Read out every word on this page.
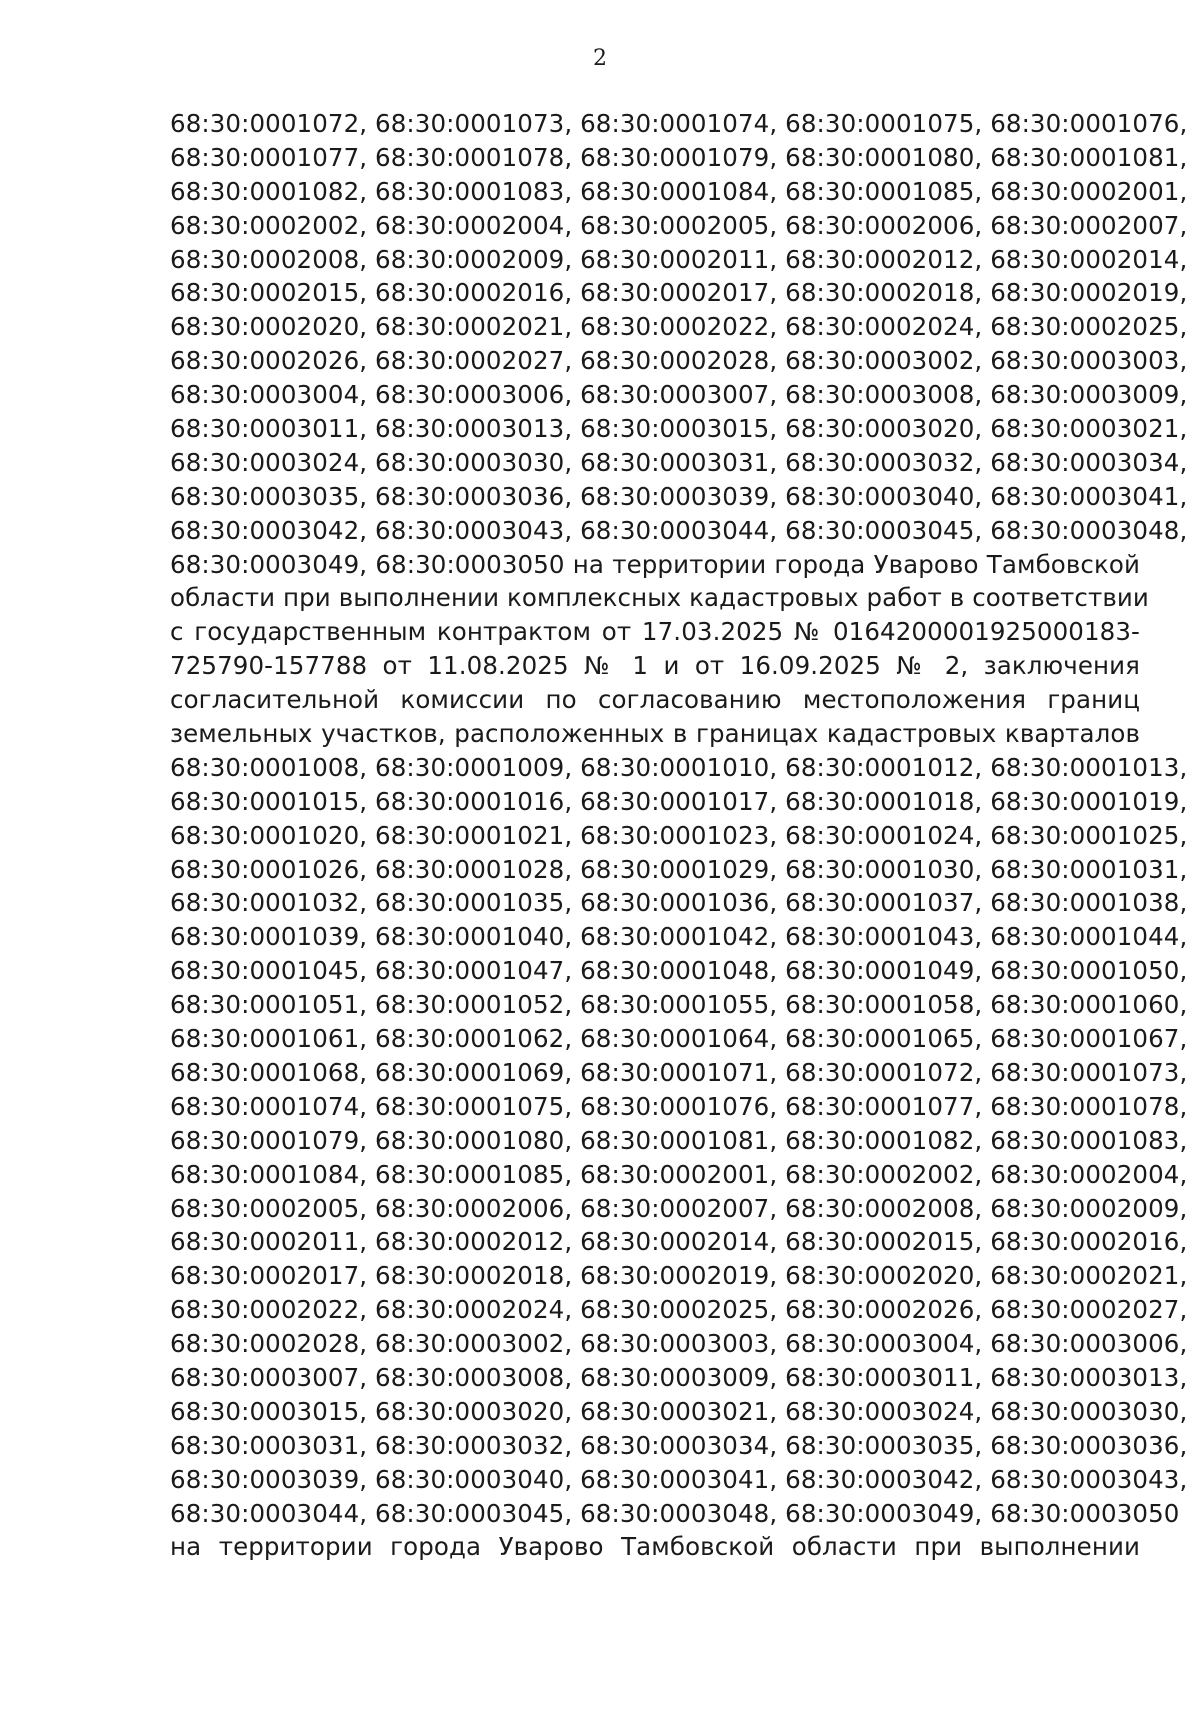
2
68:30:0001072, 68:30:0001073, 68:30:0001074, 68:30:0001075, 68:30:0001076,
68:30:0001077, 68:30:0001078, 68:30:0001079, 68:30:0001080, 68:30:0001081,
68:30:0001082, 68:30:0001083, 68:30:0001084, 68:30:0001085, 68:30:0002001,
68:30:0002002, 68:30:0002004, 68:30:0002005, 68:30:0002006, 68:30:0002007,
68:30:0002008, 68:30:0002009, 68:30:0002011, 68:30:0002012, 68:30:0002014,
68:30:0002015, 68:30:0002016, 68:30:0002017, 68:30:0002018, 68:30:0002019,
68:30:0002020, 68:30:0002021, 68:30:0002022, 68:30:0002024, 68:30:0002025,
68:30:0002026, 68:30:0002027, 68:30:0002028, 68:30:0003002, 68:30:0003003,
68:30:0003004, 68:30:0003006, 68:30:0003007, 68:30:0003008, 68:30:0003009,
68:30:0003011, 68:30:0003013, 68:30:0003015, 68:30:0003020, 68:30:0003021,
68:30:0003024, 68:30:0003030, 68:30:0003031, 68:30:0003032, 68:30:0003034,
68:30:0003035, 68:30:0003036, 68:30:0003039, 68:30:0003040, 68:30:0003041,
68:30:0003042, 68:30:0003043, 68:30:0003044, 68:30:0003045, 68:30:0003048,
68:30:0003049, 68:30:0003050 на территории города Уварово Тамбовской
области при выполнении комплексных кадастровых работ в соответствии
с государственным контрактом от 17.03.2025 № 0164200001925000183-
725790-157788 от 11.08.2025 № 1 и от 16.09.2025 № 2, заключения
согласительной комиссии по согласованию местоположения границ
земельных участков, расположенных в границах кадастровых кварталов
68:30:0001008, 68:30:0001009, 68:30:0001010, 68:30:0001012, 68:30:0001013,
68:30:0001015, 68:30:0001016, 68:30:0001017, 68:30:0001018, 68:30:0001019,
68:30:0001020, 68:30:0001021, 68:30:0001023, 68:30:0001024, 68:30:0001025,
68:30:0001026, 68:30:0001028, 68:30:0001029, 68:30:0001030, 68:30:0001031,
68:30:0001032, 68:30:0001035, 68:30:0001036, 68:30:0001037, 68:30:0001038,
68:30:0001039, 68:30:0001040, 68:30:0001042, 68:30:0001043, 68:30:0001044,
68:30:0001045, 68:30:0001047, 68:30:0001048, 68:30:0001049, 68:30:0001050,
68:30:0001051, 68:30:0001052, 68:30:0001055, 68:30:0001058, 68:30:0001060,
68:30:0001061, 68:30:0001062, 68:30:0001064, 68:30:0001065, 68:30:0001067,
68:30:0001068, 68:30:0001069, 68:30:0001071, 68:30:0001072, 68:30:0001073,
68:30:0001074, 68:30:0001075, 68:30:0001076, 68:30:0001077, 68:30:0001078,
68:30:0001079, 68:30:0001080, 68:30:0001081, 68:30:0001082, 68:30:0001083,
68:30:0001084, 68:30:0001085, 68:30:0002001, 68:30:0002002, 68:30:0002004,
68:30:0002005, 68:30:0002006, 68:30:0002007, 68:30:0002008, 68:30:0002009,
68:30:0002011, 68:30:0002012, 68:30:0002014, 68:30:0002015, 68:30:0002016,
68:30:0002017, 68:30:0002018, 68:30:0002019, 68:30:0002020, 68:30:0002021,
68:30:0002022, 68:30:0002024, 68:30:0002025, 68:30:0002026, 68:30:0002027,
68:30:0002028, 68:30:0003002, 68:30:0003003, 68:30:0003004, 68:30:0003006,
68:30:0003007, 68:30:0003008, 68:30:0003009, 68:30:0003011, 68:30:0003013,
68:30:0003015, 68:30:0003020, 68:30:0003021, 68:30:0003024, 68:30:0003030,
68:30:0003031, 68:30:0003032, 68:30:0003034, 68:30:0003035, 68:30:0003036,
68:30:0003039, 68:30:0003040, 68:30:0003041, 68:30:0003042, 68:30:0003043,
68:30:0003044, 68:30:0003045, 68:30:0003048, 68:30:0003049, 68:30:0003050
на территории города Уварово Тамбовской области при выполнении
